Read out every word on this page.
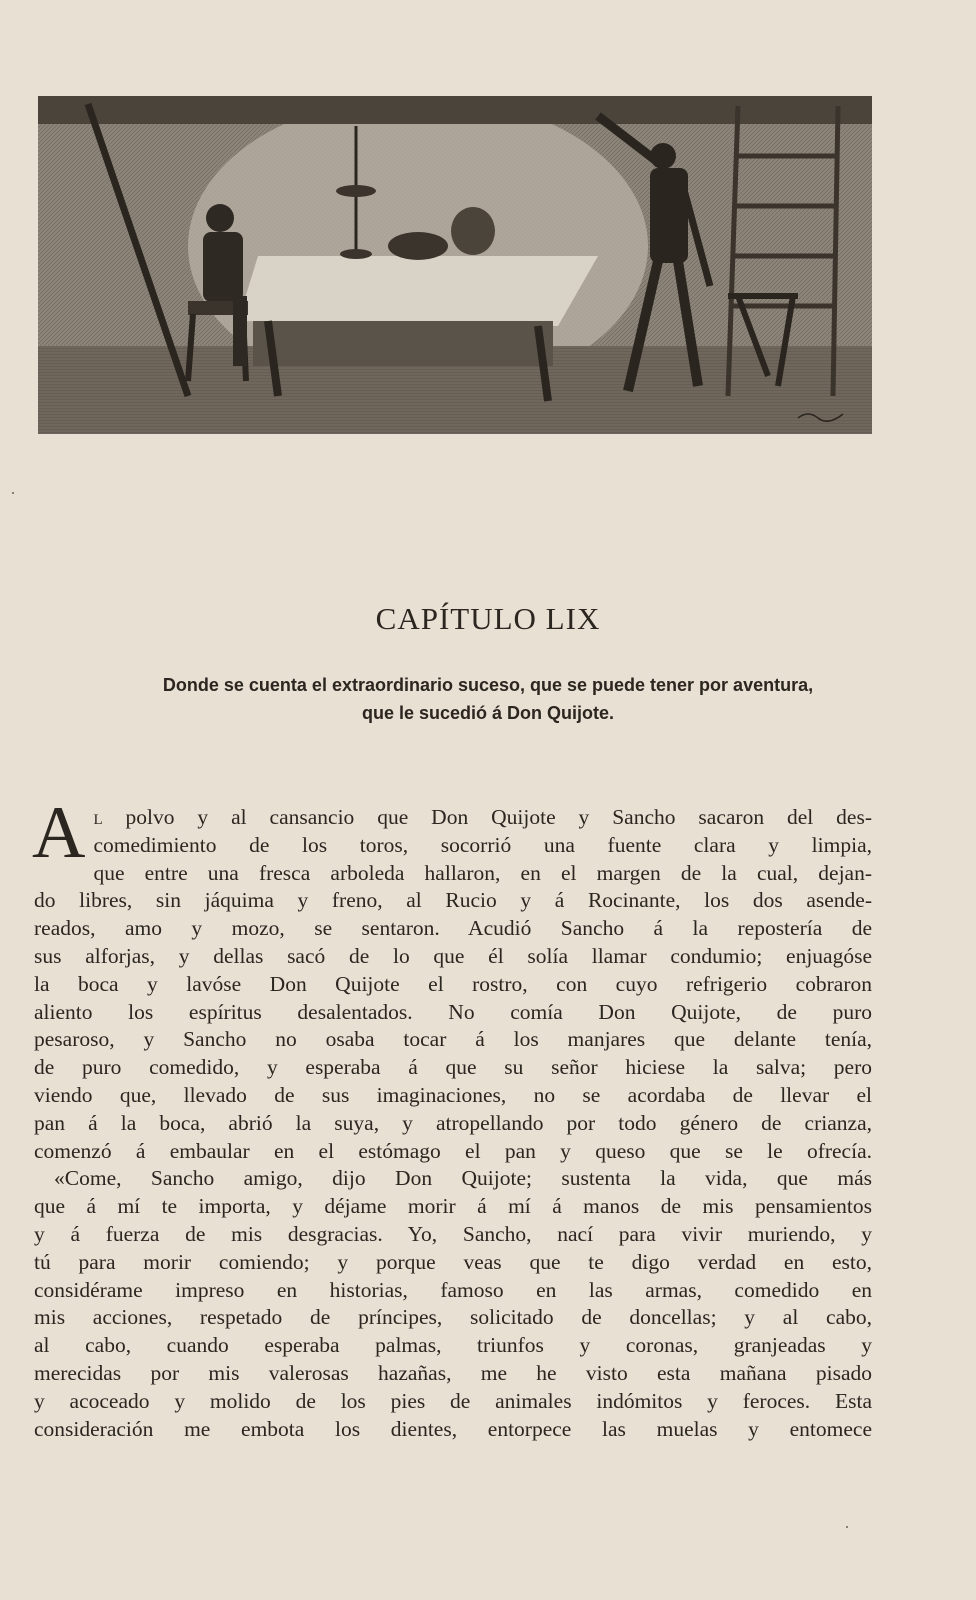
CAPÍTULO LIX
Donde se cuenta el extraordinario suceso, que se puede tener por aventura,
que le sucedió á Don Quijote.
A l polvo y al cansancio que Don Quijote y Sancho sacaron del des-
comedimiento de los toros, socorrió una fuente clara y limpia,
que entre una fresca arboleda hallaron, en el margen de la cual, dejan-
do libres, sin jáquima y freno, al Rucio y á Rocinante, los dos asende-
reados, amo y mozo, se sentaron. Acudió Sancho á la repostería de
sus alforjas, y dellas sacó de lo que él solía llamar condumio; enjuagóse
la boca y lavóse Don Quijote el rostro, con cuyo refrigerio cobraron
aliento los espíritus desalentados. No comía Don Quijote, de puro
pesaroso, y Sancho no osaba tocar á los manjares que delante tenía,
de puro comedido, y esperaba á que su señor hiciese la salva; pero
viendo que, llevado de sus imaginaciones, no se acordaba de llevar el
pan á la boca, abrió la suya, y atropellando por todo género de crianza,
comenzó á embaular en el estómago el pan y queso que se le ofrecía.
«Come, Sancho amigo, dijo Don Quijote; sustenta la vida, que más
que á mí te importa, y déjame morir á mí á manos de mis pensamientos
y á fuerza de mis desgracias. Yo, Sancho, nací para vivir muriendo, y
tú para morir comiendo; y porque veas que te digo verdad en esto,
considérame impreso en historias, famoso en las armas, comedido en
mis acciones, respetado de príncipes, solicitado de doncellas; y al cabo,
al cabo, cuando esperaba palmas, triunfos y coronas, granjeadas y
merecidas por mis valerosas hazañas, me he visto esta mañana pisado
y acoceado y molido de los pies de animales indómitos y feroces. Esta
consideración me embota los dientes, entorpece las muelas y entomece
